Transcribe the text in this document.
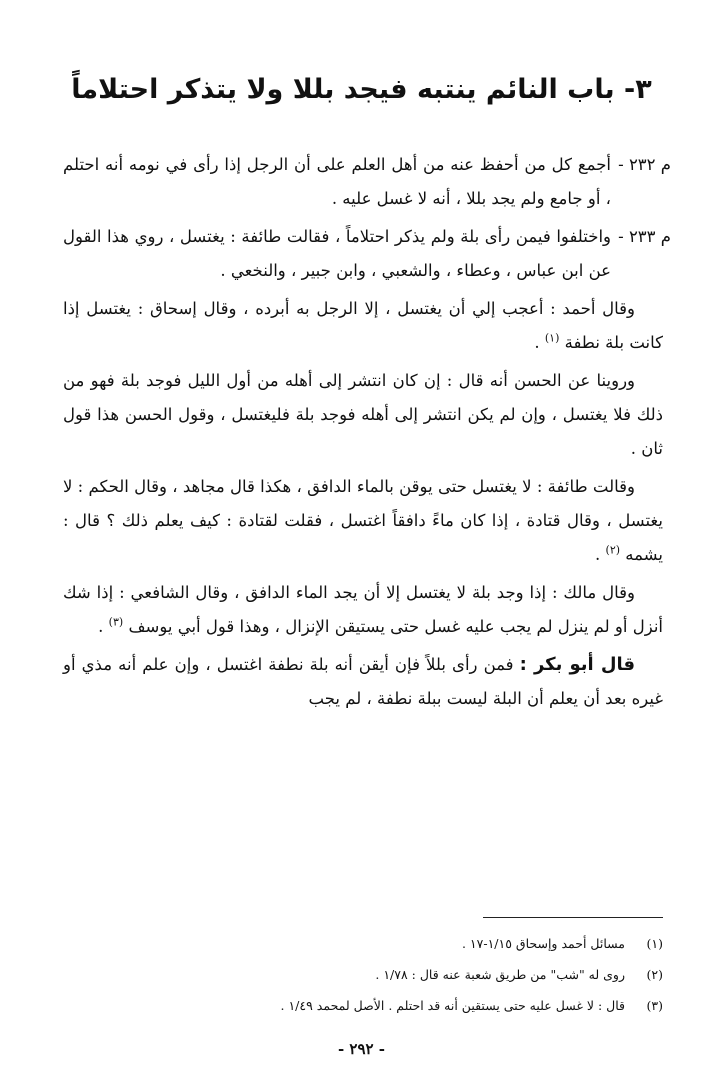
٣- باب النائم ينتبه فيجد بللا ولا يتذكر احتلاماً

م ٢٣٢ -
أجمع كل من أحفظ عنه من أهل العلم على أن الرجل إذا رأى في نومه أنه احتلم ، أو جامع ولم يجد بللا ، أنه لا غسل عليه .

م ٢٣٣ -
واختلفوا فيمن رأى بلة ولم يذكر احتلاماً ، فقالت طائفة : يغتسل ، روي هذا القول عن ابن عباس ، وعطاء ، والشعبي ، وابن جبير ، والنخعي .

وقال أحمد : أعجب إلي أن يغتسل ، إلا الرجل به أبرده ، وقال إسحاق : يغتسل إذا كانت بلة نطفة $^{(١)}$ .

وروينا عن الحسن أنه قال : إن كان انتشر إلى أهله من أول الليل فوجد بلة فهو من ذلك فلا يغتسل ، وإن لم يكن انتشر إلى أهله فوجد بلة فليغتسل ، وقول الحسن هذا قول ثان .

وقالت طائفة : لا يغتسل حتى يوقن بالماء الدافق ، هكذا قال مجاهد ، وقال الحكم : لا يغتسل ، وقال قتادة ، إذا كان ماءً دافقاً اغتسل ، فقلت لقتادة : كيف يعلم ذلك ؟ قال : يشمه $^{(٢)}$ .

وقال مالك : إذا وجد بلة لا يغتسل إلا أن يجد الماء الدافق ، وقال الشافعي : إذا شك أنزل أو لم ينزل لم يجب عليه غسل حتى يستيقن الإنزال ، وهذا قول أبي يوسف $^{(٣)}$ .

قال أبو بكر : فمن رأى بللاً فإن أيقن أنه بلة نطفة اغتسل ، وإن علم أنه مذي أو غيره بعد أن يعلم أن البلة ليست ببلة نطفة ، لم يجب

(١) مسائل أحمد وإسحاق ١/١٥-١٧ .

(٢) روى له "شب" من طريق شعبة عنه قال : ١/٧٨ .

(٣) قال : لا غسل عليه حتى يستقين أنه قد احتلم . الأصل لمحمد ١/٤٩ .

- ٢٩٢ -
